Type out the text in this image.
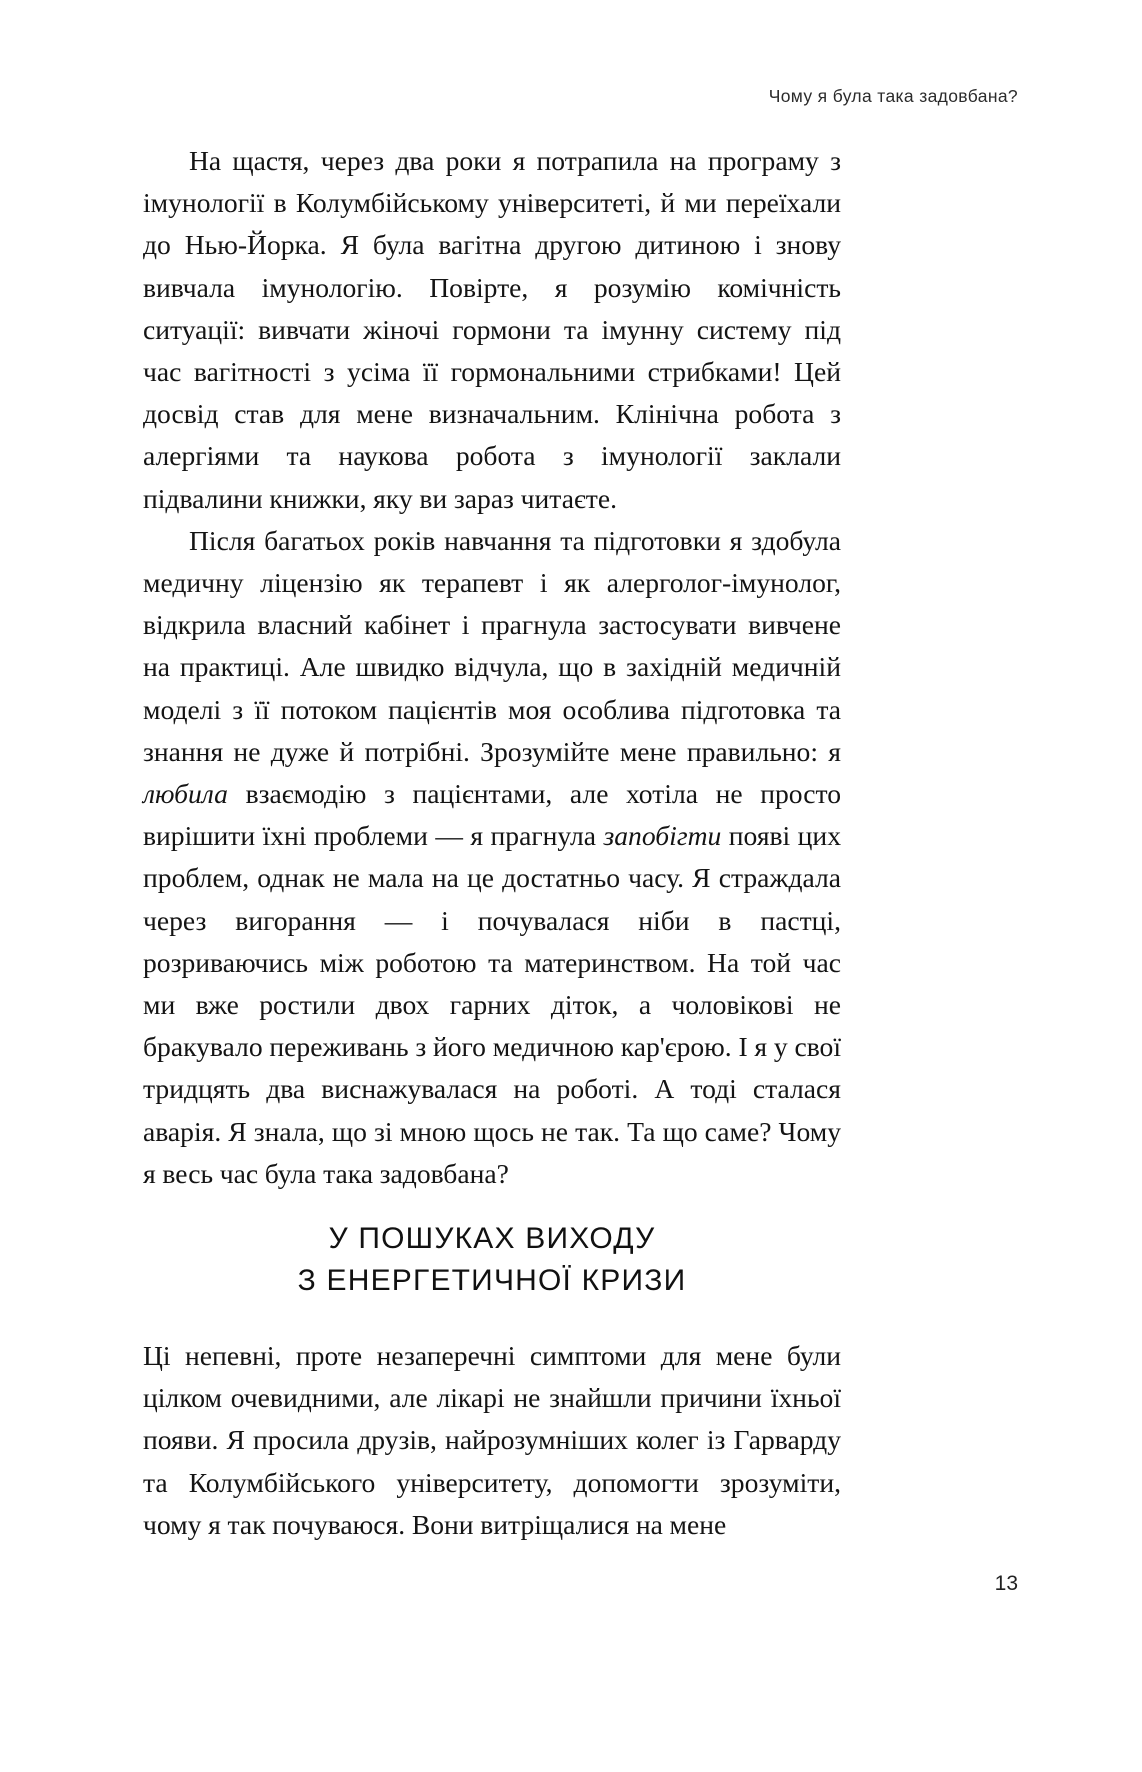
Чому я була така задовбана?

На щастя, через два роки я потрапила на програму з імунології в Колумбійському університеті, й ми переїхали до Нью-Йорка. Я була вагітна другою дитиною і знову вивчала імунологію. Повірте, я розумію комічність ситуації: вивчати жіночі гормони та імунну систему під час вагітності з усіма її гормональними стрибками! Цей досвід став для мене визначальним. Клінічна робота з алергіями та наукова робота з імунології заклали підвалини книжки, яку ви зараз читаєте.

Після багатьох років навчання та підготовки я здобула медичну ліцензію як терапевт і як алерголог-імунолог, відкрила власний кабінет і прагнула застосувати вивчене на практиці. Але швидко відчула, що в західній медичній моделі з її потоком пацієнтів моя особлива підготовка та знання не дуже й потрібні. Зрозумійте мене правильно: я любила взаємодію з пацієнтами, але хотіла не просто вирішити їхні проблеми — я прагнула запобігти появі цих проблем, однак не мала на це достатньо часу. Я страждала через вигорання — і почувалася ніби в пастці, розриваючись між роботою та материнством. На той час ми вже ростили двох гарних діток, а чоловікові не бракувало переживань з його медичною кар'єрою. І я у свої тридцять два виснажувалася на роботі. А тоді сталася аварія. Я знала, що зі мною щось не так. Та що саме? Чому я весь час була така задовбана?

У ПОШУКАХ ВИХОДУ
З ЕНЕРГЕТИЧНОЇ КРИЗИ

Ці непевні, проте незаперечні симптоми для мене були цілком очевидними, але лікарі не знайшли причини їхньої появи. Я просила друзів, найрозумніших колег із Гарварду та Колумбійського університету, допомогти зрозуміти, чому я так почуваюся. Вони витріщалися на мене

13
